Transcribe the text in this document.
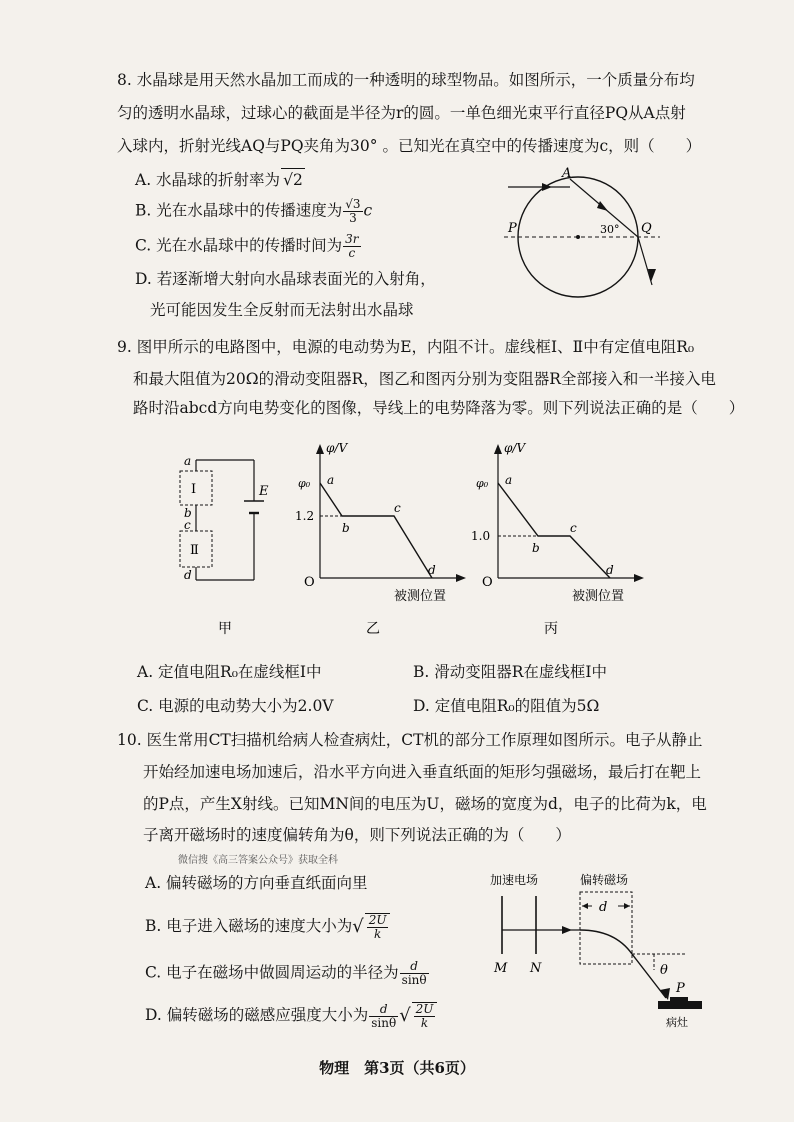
8. 水晶球是用天然水晶加工而成的一种透明的球型物品。如图所示，一个质量分布均
匀的透明水晶球，过球心的截面是半径为r的圆。一单色细光束平行直径PQ从A点射
入球内，折射光线AQ与PQ夹角为30° 。已知光在真空中的传播速度为c，则（　　）
A. 水晶球的折射率为 √2
B. 光在水晶球中的传播速度为 $\frac{√3}{3}$ c
C. 光在水晶球中的传播时间为 $\frac{3r}{c}$
D. 若逐渐增大射向水晶球表面光的入射角，
光可能因发生全反射而无法射出水晶球
A
P	Q
30°
9. 图甲所示的电路图中，电源的电动势为E，内阻不计。虚线框Ⅰ、Ⅱ中有定值电阻R₀
和最大阻值为20Ω的滑动变阻器R，图乙和图丙分别为变阻器R全部接入和一半接入电
路时沿abcd方向电势变化的图像，导线上的电势降落为零。则下列说法正确的是（　　）
a
b
c
d
Ⅰ
Ⅱ
E
甲
φ/V
φ₀
1.2
O
a
b
c
d
被测位置
乙
φ/V
φ₀
1.0
O
a
b
c
d
被测位置
丙
A. 定值电阻R₀在虚线框Ⅰ中	B. 滑动变阻器R在虚线框Ⅰ中
C. 电源的电动势大小为2.0V	D. 定值电阻R₀的阻值为5Ω
10. 医生常用CT扫描机给病人检查病灶，CT机的部分工作原理如图所示。电子从静止
开始经加速电场加速后，沿水平方向进入垂直纸面的矩形匀强磁场，最后打在靶上
的P点，产生X射线。已知MN间的电压为U，磁场的宽度为d，电子的比荷为k，电
子离开磁场时的速度偏转角为θ，则下列说法正确的为（　　）
微信搜《高三答案公众号》获取全科
A. 偏转磁场的方向垂直纸面向里
B. 电子进入磁场的速度大小为√ $\frac{2U}{k}$
C. 电子在磁场中做圆周运动的半径为 $\frac{d}{\sin\theta}$
D. 偏转磁场的磁感应强度大小为 $\frac{d}{\sin\theta}$ √ $\frac{2U}{k}$
加速电场	偏转磁场
M N
d
θ
P
病灶
物理　第3页（共6页）
